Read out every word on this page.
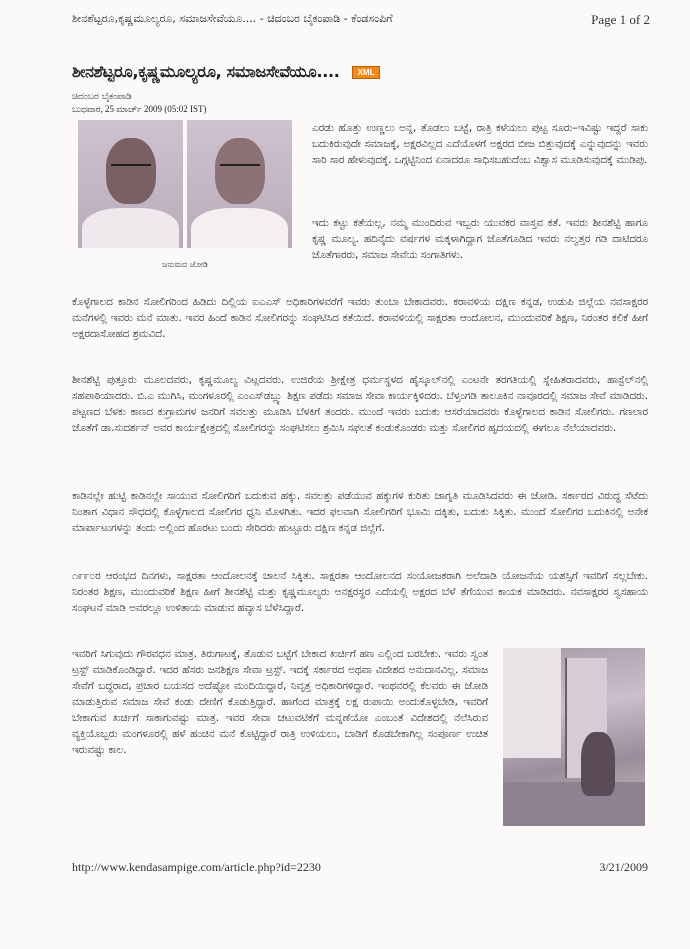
ಶೀನಶೆಟ್ಟರೂ,ಕೃಷ್ಣಮೂಲ್ಯರೂ, ಸಮಾಜಸೇವೆಯೂ.... - ಚಿದಂಬರ ಬೈಕಂಪಾಡಿ - ಕೆಂಡಸಂಪಿಗೆ	Page 1 of 2
ಶೀನಶೆಟ್ಟರೂ,ಕೃಷ್ಣಮೂಲ್ಯರೂ, ಸಮಾಜಸೇವೆಯೂ....	XML
ಚಿದಂಬರ ಬೈಕಂಪಾಡಿ
ಬುಧವಾರ, 25 ಮಾರ್ಚ್ 2009 (05:02 IST)
ಜನುಮದ ಜೋಡಿ

ಎರಡು ಹೊತ್ತು ಉಣ್ಣಲು ಅನ್ನ, ತೊಡಲು ಬಟ್ಟೆ, ರಾತ್ರಿ ಕಳೆಯಲು ಪುಟ್ಟ ಸೂರು–ಇವಿಷ್ಟು ಇದ್ದರೆ ಸಾಕು ಬದುಕಿರುವುದೇ ಸಮಾಜಕ್ಕೆ, ಅಕ್ಷರವಿಲ್ಲದ ಎದೆಯೊಳಗೆ ಅಕ್ಷರದ ಬೀಜ ಬಿತ್ತುವುದಕ್ಕೆ ಎನ್ನುವುದನ್ನು ಇವರು ಸಾರಿ ಸಾರ ಹೇಳುವುದಕ್ಕೆ. ಒಗ್ಗಟ್ಟಿನಿಂದ ಏನಾದರೂ ಸಾಧಿಸಬಹುದೆಂಬ ವಿಶ್ವಾಸ ಮೂಡಿಸುವುದಕ್ಕೆ ಮುಡಿಪು.

ಇದು ಕಟ್ಟು ಕತೆಯಲ್ಲ, ನಮ್ಮ ಮುಂದಿರುವ ಇಬ್ಬರು ಯುವಕರ ವಾಸ್ತವ ಕತೆ. ಇವರು ಶೀನಶೆಟ್ಟಿ ಹಾಗೂ ಕೃಷ್ಣ ಮೂಲ್ಯ. ಹದಿನೈದು ವರ್ಷಗಳ ಮಕ್ಕಳಾಗಿದ್ದಾಗ ಜೊತೆಗೂಡಿದ ಇವರು ನಲ್ವತ್ತರ ಗಡಿ ದಾಟಿದರೂ ಜೊತೆಗಾರರು, ಸಮಾಜ ಸೇವೆಯ ಸಂಗಾತಿಗಳು.

ಕೊಳ್ಳೆಗಾಲದ ಕಾಡಿನ ಸೋಲಿಗರಿಂದ ಹಿಡಿದು ದಿಲ್ಲಿಯ ಐಎಎಸ್ ಅಧಿಕಾರಿಗಳವರೆಗೆ ಇವರು ತುಂಬಾ ಬೇಕಾದವರು. ಕರಾವಳಿಯ ದಕ್ಷಿಣ ಕನ್ನಡ, ಉಡುಪಿ ಜಿಲ್ಲೆಯ ನವಸಾಕ್ಷರರ ಮನೆಗಳಲ್ಲಿ ಇವರು ಮನೆ ಮಾತು. ಇವರ ಹಿಂದೆ ಕಾಡಿನ ಸೋಲಿಗರನ್ನು ಸಂಘಟಿಸಿದ ಕತೆಯಿದೆ. ಕರಾವಳಿಯಲ್ಲಿ ಸಾಕ್ಷರತಾ ಆಂದೋಲನ, ಮುಂದುವರಿಕೆ ಶಿಕ್ಷಣ, ನಿರಂತರ ಕಲಿಕೆ ಹೀಗೆ ಅಕ್ಷರದಾಸೋಹದ ಶ್ರಮವಿದೆ.

ಶೀನಶೆಟ್ಟಿ ಪುತ್ತೂರು ಮೂಲದವರು, ಕೃಷ್ಣಮೂಲ್ಯ ವಿಟ್ಲದವರು. ಉಜಿರೆಯ ಶ್ರೀಕ್ಷೇತ್ರ ಧರ್ಮಸ್ಥಳದ ಹೈಸ್ಕೂಲ್‌ನಲ್ಲಿ ಎಂಟನೇ ತರಗತಿಯಲ್ಲಿ ಸ್ನೇಹಿತರಾದವರು, ಹಾಸ್ಟೆಲ್‌ನಲ್ಲಿ ಸಹಪಾಠಿಯಾದರು. ಬಿ.ಎ ಮುಗಿಸಿ, ಮಂಗಳೂರಲ್ಲಿ ಎಂಎಸ್‌ಡಬ್ಲ್ಯು ಶಿಕ್ಷಣ ಪಡೆದು ಸಮಾಜ ಸೇವಾ ಕಾರ್ಯಕ್ಕಿಳಿದರು. ಬೆಳ್ತಂಗಡಿ ತಾಲೂಕಿನ ನಾವೂರದಲ್ಲಿ ಸಮಾಜ ಸೇವೆ ಮಾಡಿದರು. ಪಟ್ಟಣದ ಬೆಳಕು ಕಾಣದ ಕುಗ್ರಾಮಗಳ ಜನರಿಗೆ ಸವಲತ್ತು ಮೂಡಿಸಿ ಬೆಳಕಿಗೆ ತಂದರು. ಮುಂದೆ ಇವರು ಬದುಕು ಆಸರೆಯಾದವರು ಕೊಳ್ಳೆಗಾಲದ ಕಾಡಿನ ಸೋಲಿಗರು. ಗಣಲಾರ ಜೊತೆಗೆ ಡಾ.ಸುದರ್ಶನ್ ಅವರ ಕಾರ್ಯಕ್ಷೇತ್ರದಲ್ಲಿ ಸೋಲಿಗರನ್ನು ಸಂಘಟಿಸಲು ಶ್ರಮಿಸಿ ಸಫಲತೆ ಕಂಡುಕೊಂಡರು ಮತ್ತು ಸೋಲಿಗರ ಹೃದಯದಲ್ಲಿ ಈಗಲೂ ನೆಲೆಯಾದವರು.

ಕಾಡಿನಲ್ಲೇ ಹುಟ್ಟಿ ಕಾಡಿನಲ್ಲೇ ಸಾಯುವ ಸೋಲಿಗರಿಗೆ ಬದುಕುವ ಹಕ್ಕು. ಸವಲತ್ತು ಪಡೆಯುವ ಹಕ್ಕುಗಳ ಕುರಿತು ಜಾಗೃತಿ ಮೂಡಿಸಿದವರು ಈ ಜೋಡಿ. ಸರ್ಕಾರದ ವಿರುದ್ಧ ಸೆಟೆದು ನಿಂತಾಗ ವಿಧಾನ ಸೌಧದಲ್ಲಿ ಕೊಳ್ಳೆಗಾಲದ ಸೋಲಿಗರ ಧ್ವನಿ ಮೊಳಗಿತು. ಇದರ ಫಲವಾಗಿ ಸೋಲಿಗರಿಗೆ ಭೂಮಿ ದಕ್ಕಿತು, ಬದುಕು ಸಿಕ್ಕಿತು. ಮುಂದೆ ಸೋಲಿಗರ ಬದುಕಿನಲ್ಲಿ ಅನೇಕ ಮಾರ್ಪಾಟುಗಳನ್ನು ತಂದು ಅಲ್ಲಿಂದ ಹೊರಟು ಬಂದು ಸೇರಿದರು ಹುಟ್ಟೂರು ದಕ್ಷಿಣ ಕನ್ನಡ ಜಿಲ್ಲೆಗೆ.

೧೯೯೦ರ ಆರಂಭದ ದಿನಗಳು, ಸಾಕ್ಷರತಾ ಆಂದೋಲನಕ್ಕೆ ಚಾಲನೆ ಸಿಕ್ಕಿತು. ಸಾಕ್ಷರತಾ ಆಂದೋಲನದ ಸಂಯೋಜಕರಾಗಿ ಅಲೆದಾಡಿ ಯೋಜನೆಯ ಯಶಸ್ಸಿಗೆ ಇವರಿಗೆ ಸಲ್ಲಬೇಕು. ನಿರಂತರ ಶಿಕ್ಷಣ, ಮುಂದುವರಿಕೆ ಶಿಕ್ಷಣ ಹೀಗೆ ಶೀನಶೆಟ್ಟಿ ಮತ್ತು ಕೃಷ್ಣಮೂಲ್ಯರು ಅನಕ್ಷರಸ್ಥರ ಎದೆಯಲ್ಲಿ ಅಕ್ಷರದ ಬೆಳೆ ತೆಗೆಯುವ ಕಾಯಕ ಮಾಡಿದರು. ನವಸಾಕ್ಷರರ ಸ್ವಸಹಾಯ ಸಂಘಟನೆ ಮಾಡಿ ಅವರಲ್ಲೂ ಉಳಿತಾಯ ಮಾಡುವ ಹವ್ಯಾಸ ಬೆಳೆಸಿದ್ದಾರೆ.

ಇವರಿಗೆ ಸಿಗುವುದು ಗೌರವಧನ ಮಾತ್ರ. ತಿರುಗಾಟಕ್ಕೆ, ತೊಡುವ ಬಟ್ಟೆಗೆ ಬೇಕಾದ ಖರ್ಚಿಗೆ ಹಣ ಎಲ್ಲಿಂದ ಬರಬೇಕು. ಇವರು ಸ್ವಂತ ಟ್ರಸ್ಟ್ ಮಾಡಿಕೊಂಡಿದ್ದಾರೆ. ಇದರ ಹೆಸರು ಜನಶಿಕ್ಷಣ ಸೇವಾ ಟ್ರಸ್ಟ್. ಇದಕ್ಕೆ ಸರ್ಕಾರದ ಅಥವಾ ವಿದೇಶದ ಅನುದಾನವಿಲ್ಲ. ಸಮಾಜ ಸೇವೆಗೆ ಬದ್ಧರಾದ, ಪ್ರಚಾರ ಬಯಸದ ಅದೆಷ್ಟೋ ಮಂದಿಯಿದ್ದಾರೆ, ನಿವೃತ್ತ ಅಧಿಕಾರಿಗಳಿದ್ದಾರೆ. ಇಂಥವರಲ್ಲಿ ಕೆಲವರು ಈ ಜೋಡಿ ಮಾಡುತ್ತಿರುವ ಸಮಾಜ ಸೇವೆ ಕಂಡು ದೇಣಿಗೆ ಕೊಡುತ್ತಿದ್ದಾರೆ. ಹಾಗೆಂದ ಮಾತ್ರಕ್ಕೆ ಲಕ್ಷ ರುಪಾಯಿ ಅಂದುಕೊಳ್ಳಬೇಡಿ, ಇವರಿಗೆ ಬೇಕಾಗುವ ಖರ್ಚಿಗೆ ಸಾಕಾಗುವಷ್ಟು ಮಾತ್ರ. ಇವರ ಸೇವಾ ಚಟುವಟಿಕೆಗೆ ಮನ್ನಣೆಯೋ ಎಂಬಂತೆ ವಿದೇಶದಲ್ಲಿ ನೆಲೆಸಿರುವ ವ್ಯಕ್ತಿಯೊಬ್ಬರು ಮಂಗಳೂರಲ್ಲಿ ಹಳೆ ಹಂಚಿನ ಮನೆ ಕೊಟ್ಟಿದ್ದಾರೆ ರಾತ್ರಿ ಉಳಿಯಲು, ಬಾಡಿಗೆ ಕೊಡಬೇಕಾಗಿಲ್ಲ ಸಂಪೂರ್ಣ ಉಚಿತ ಇರುವಷ್ಟು ಕಾಲ.

http://www.kendasampige.com/article.php?id=2230	3/21/2009
